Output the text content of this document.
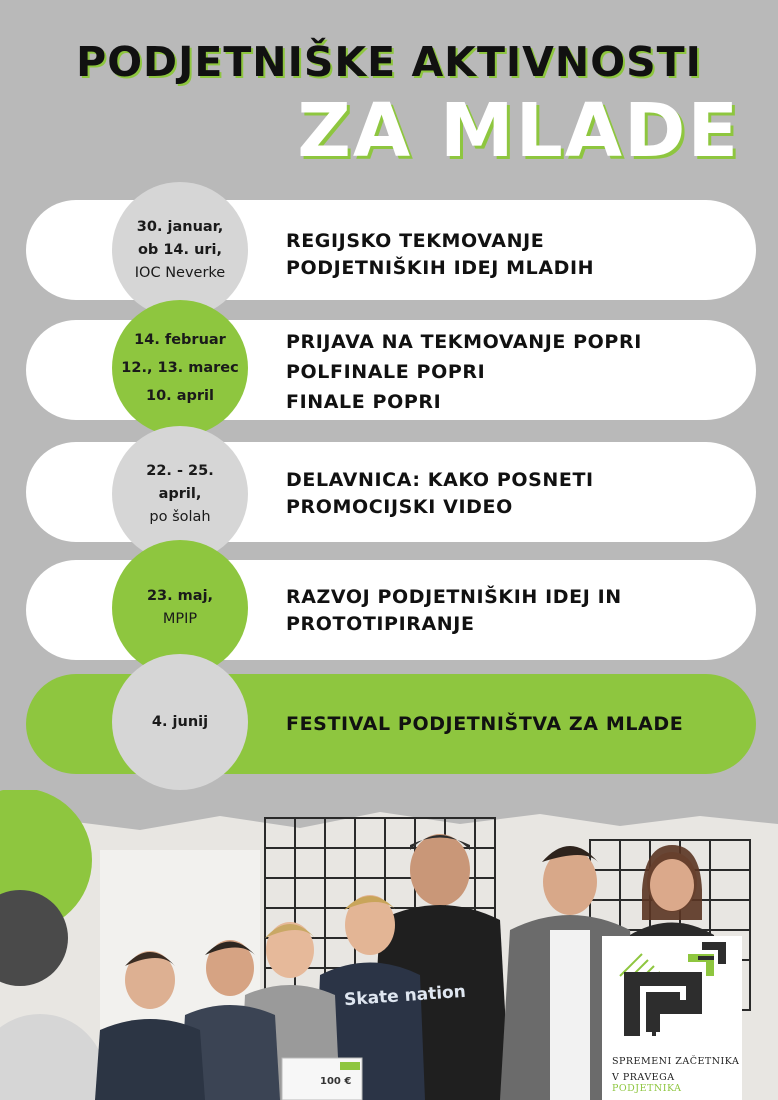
PODJETNIŠKE AKTIVNOSTI
ZA MLADE
30. januar,
ob 14. uri,
IOC Neverke
REGIJSKO TEKMOVANJE
PODJETNIŠKIH IDEJ MLADIH
14. februar
12., 13. marec
10. april
PRIJAVA NA TEKMOVANJE POPRI
POLFINALE POPRI
FINALE POPRI
22. - 25.
april,
po šolah
DELAVNICA: KAKO POSNETI
PROMOCIJSKI VIDEO
23. maj,
MPIP
RAZVOJ PODJETNIŠKIH IDEJ IN
PROTOTIPIRANJE
4. junij	FESTIVAL PODJETNIŠTVA ZA MLADE
Skate nation
100 €
SPREMENI ZAČETNIKA
V PRAVEGA PODJETNIKA
